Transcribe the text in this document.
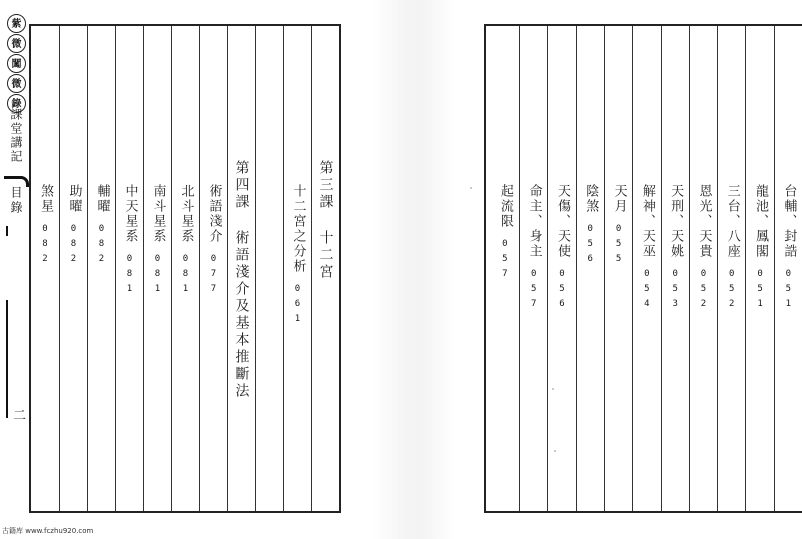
紫
微
闖
微
錄
課堂講記
目錄
二
第三課 十二宮
十二宮之分析
061
第四課 術語淺介及基本推斷法
術語淺介
077
北斗星系
081
南斗星系
081
中天星系
081
輔曜
082
助曜
082
煞星
082	台輔、封誥
051
龍池、鳳閣
051
三台、八座
052
恩光、天貴
052
天刑、天姚
053
解神、天巫
054
天月
055
陰煞
056
天傷、天使
056
命主、身主
057
起流限
057
古籍库 www.fczhu920.com
